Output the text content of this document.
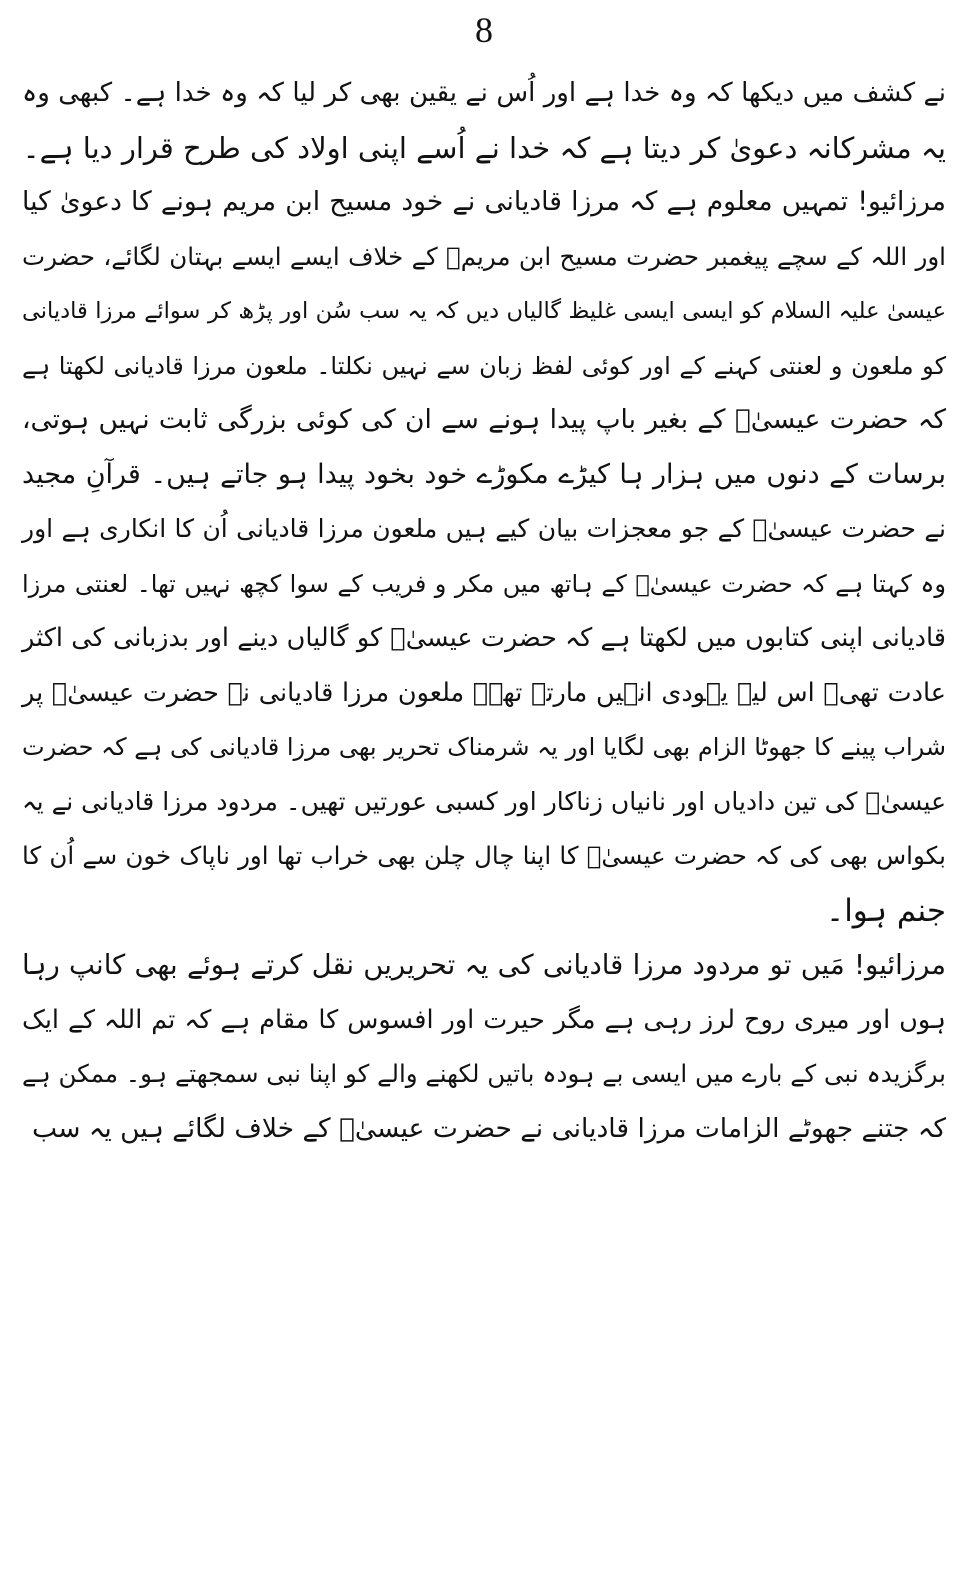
8
نے کشف میں دیکھا کہ وہ خدا ہے اور اُس نے یقین بھی کر لیا کہ وہ خدا ہے۔ کبھی وہ
یہ مشرکانہ دعویٰ کر دیتا ہے کہ خدا نے اُسے اپنی اولاد کی طرح قرار دیا ہے۔
مرزائیو! تمہیں معلوم ہے کہ مرزا قادیانی نے خود مسیح ابن مریم ہونے کا دعویٰ کیا
اور اللہ کے سچے پیغمبر حضرت مسیح ابن مریمؑ کے خلاف ایسے ایسے بہتان لگائے، حضرت
عیسیٰ علیہ السلام کو ایسی ایسی غلیظ گالیاں دیں کہ یہ سب سُن اور پڑھ کر سوائے مرزا قادیانی
کو ملعون و لعنتی کہنے کے اور کوئی لفظ زبان سے نہیں نکلتا۔ ملعون مرزا قادیانی لکھتا ہے
کہ حضرت عیسیٰؑ کے بغیر باپ پیدا ہونے سے ان کی کوئی بزرگی ثابت نہیں ہوتی،
برسات کے دنوں میں ہزار ہا کیڑے مکوڑے خود بخود پیدا ہو جاتے ہیں۔ قرآنِ مجید
نے حضرت عیسیٰؑ کے جو معجزات بیان کیے ہیں ملعون مرزا قادیانی اُن کا انکاری ہے اور
وہ کہتا ہے کہ حضرت عیسیٰؑ کے ہاتھ میں مکر و فریب کے سوا کچھ نہیں تھا۔ لعنتی مرزا
قادیانی اپنی کتابوں میں لکھتا ہے کہ حضرت عیسیٰؑ کو گالیاں دینے اور بدزبانی کی اکثر
عادت تھی۔ اس لیے یہودی انہیں مارتے تھے۔ ملعون مرزا قادیانی نے حضرت عیسیٰؑ پر
شراب پینے کا جھوٹا الزام بھی لگایا اور یہ شرمناک تحریر بھی مرزا قادیانی کی ہے کہ حضرت
عیسیٰؑ کی تین دادیاں اور نانیاں زناکار اور کسبی عورتیں تھیں۔ مردود مرزا قادیانی نے یہ
بکواس بھی کی کہ حضرت عیسیٰؑ کا اپنا چال چلن بھی خراب تھا اور ناپاک خون سے اُن کا
جنم ہوا۔
مرزائیو! مَیں تو مردود مرزا قادیانی کی یہ تحریریں نقل کرتے ہوئے بھی کانپ رہا
ہوں اور میری روح لرز رہی ہے مگر حیرت اور افسوس کا مقام ہے کہ تم اللہ کے ایک
برگزیدہ نبی کے بارے میں ایسی بے ہودہ باتیں لکھنے والے کو اپنا نبی سمجھتے ہو۔ ممکن ہے
کہ جتنے جھوٹے الزامات مرزا قادیانی نے حضرت عیسیٰؑ کے خلاف لگائے ہیں یہ سب
